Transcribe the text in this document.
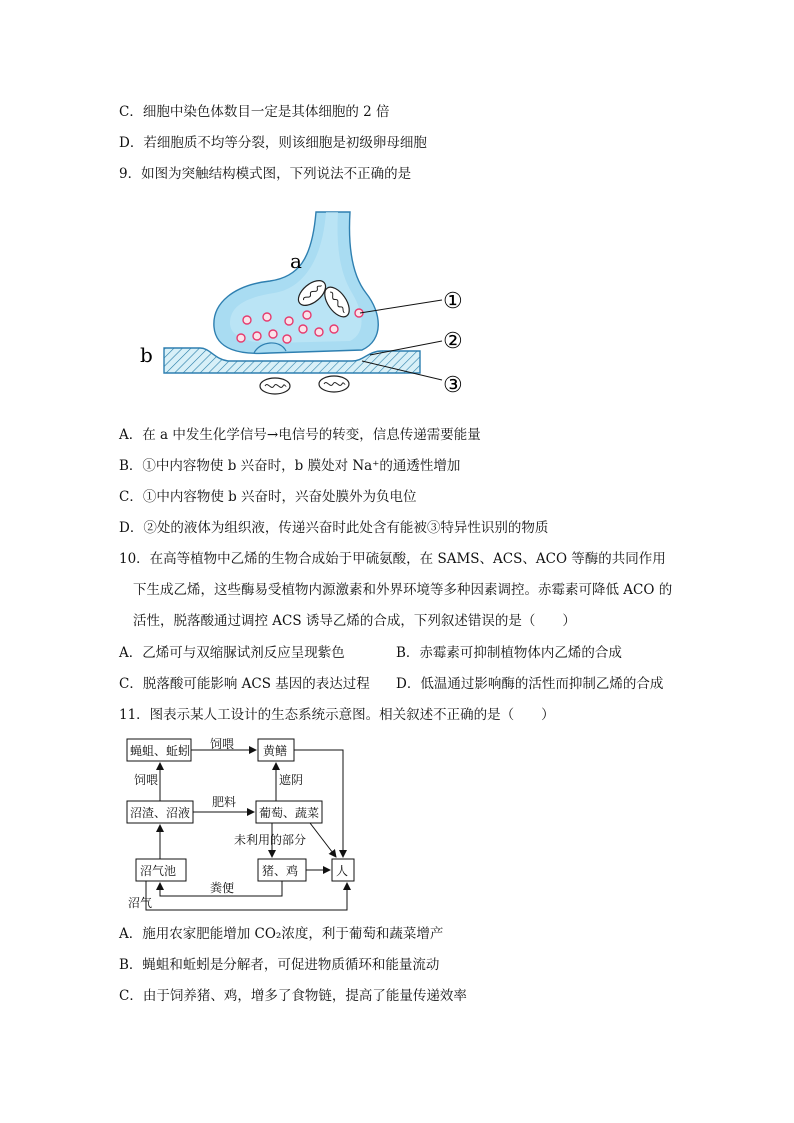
C．细胞中染色体数目一定是其体细胞的 2 倍
D．若细胞质不均等分裂，则该细胞是初级卵母细胞
9．如图为突触结构模式图，下列说法不正确的是
a
b
①
②
③
A．在 a 中发生化学信号→电信号的转变，信息传递需要能量
B．①中内容物使 b 兴奋时，b 膜处对 Na⁺的通透性增加
C．①中内容物使 b 兴奋时，兴奋处膜外为负电位
D．②处的液体为组织液，传递兴奋时此处含有能被③特异性识别的物质
10．在高等植物中乙烯的生物合成始于甲硫氨酸，在 SAMS、ACS、ACO 等酶的共同作用
下生成乙烯，这些酶易受植物内源激素和外界环境等多种因素调控。赤霉素可降低 ACO 的
活性，脱落酸通过调控 ACS 诱导乙烯的合成，下列叙述错误的是（　　）
A．乙烯可与双缩脲试剂反应呈现紫色	B．赤霉素可抑制植物体内乙烯的合成
C．脱落酸可能影响 ACS 基因的表达过程 D．低温通过影响酶的活性而抑制乙烯的合成
11．图表示某人工设计的生态系统示意图。相关叙述不正确的是（　　）
蝇蛆、蚯蚓	黄鳝
沼渣、沼液	葡萄、蔬菜
沼气池	猪、鸡	人
饲喂
饲喂	遮阴
肥料
未利用的部分
粪便
沼气
A．施用农家肥能增加 CO₂浓度，利于葡萄和蔬菜增产
B．蝇蛆和蚯蚓是分解者，可促进物质循环和能量流动
C．由于饲养猪、鸡，增多了食物链，提高了能量传递效率
